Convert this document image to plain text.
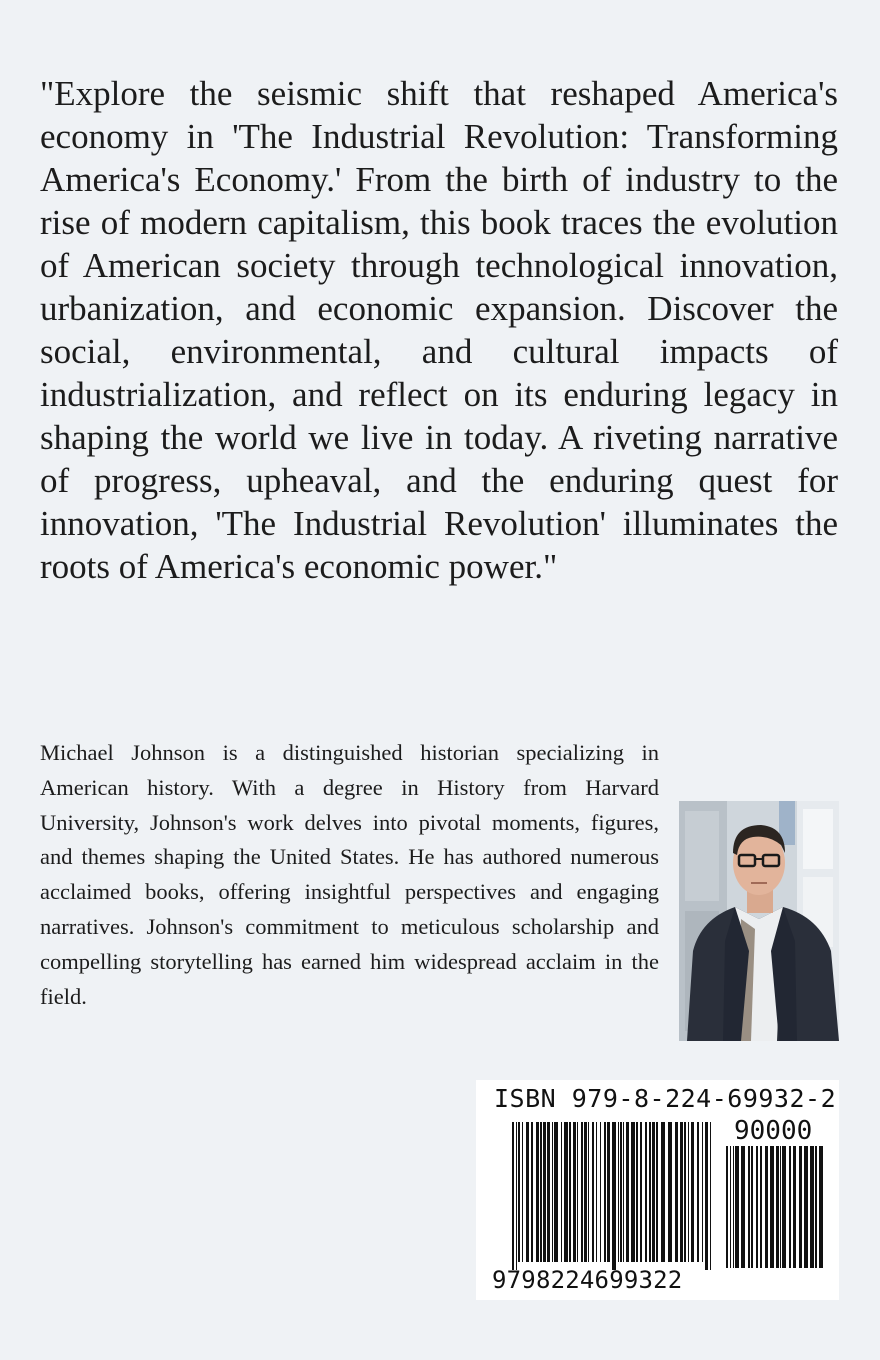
"Explore the seismic shift that reshaped America's economy in 'The Industrial Revolution: Transforming America's Economy.' From the birth of industry to the rise of modern capitalism, this book traces the evolution of American society through technological innovation, urbanization, and economic expansion. Discover the social, environmental, and cultural impacts of industrialization, and reflect on its enduring legacy in shaping the world we live in today. A riveting narrative of progress, upheaval, and the enduring quest for innovation, 'The Industrial Revolution' illuminates the roots of America's economic power."

Michael Johnson is a distinguished historian specializing in American history. With a degree in History from Harvard University, Johnson's work delves into pivotal moments, figures, and themes shaping the United States. He has authored numerous acclaimed books, offering insightful perspectives and engaging narratives. Johnson's commitment to meticulous scholarship and compelling storytelling has earned him widespread acclaim in the field.

ISBN 979-8-224-69932-2
90000
9798224699322
